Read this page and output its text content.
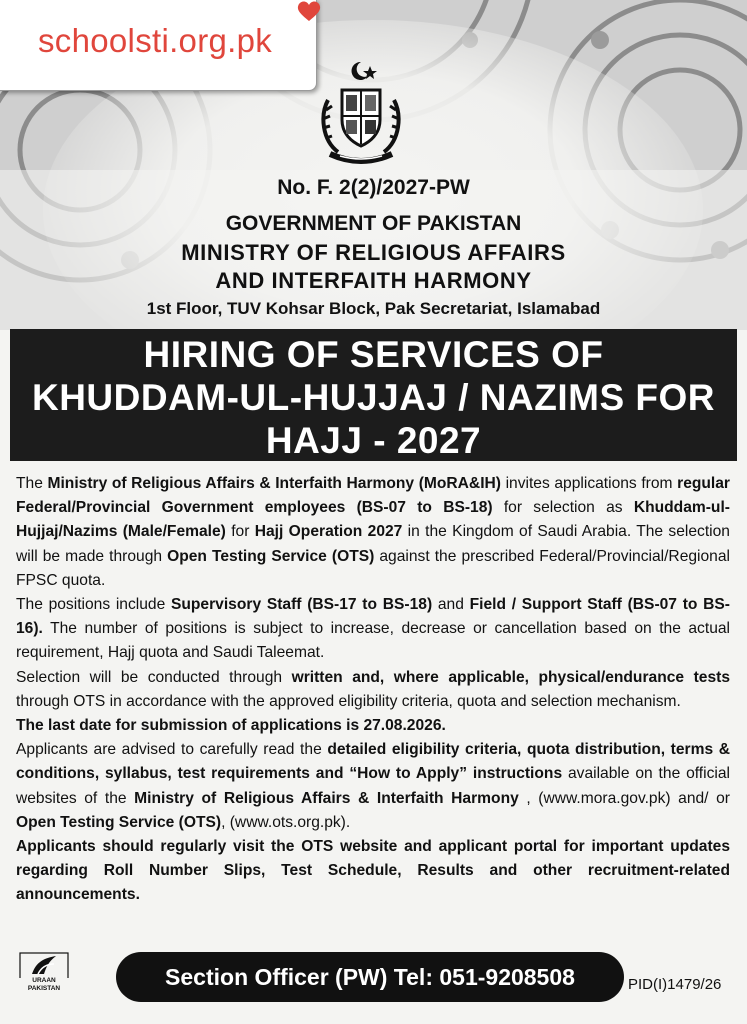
schoolsti.org.pk
No. F. 2(2)/2027-PW
GOVERNMENT OF PAKISTAN
MINISTRY OF RELIGIOUS AFFAIRS
AND INTERFAITH HARMONY
1st Floor, TUV Kohsar Block, Pak Secretariat, Islamabad
HIRING OF SERVICES OF
KHUDDAM-UL-HUJJAJ / NAZIMS FOR
HAJJ - 2027

The Ministry of Religious Affairs & Interfaith Harmony (MoRA&IH) invites applications from regular Federal/Provincial Government employees (BS-07 to BS-18) for selection as Khuddam-ul-Hujjaj/Nazims (Male/Female) for Hajj Operation 2027 in the Kingdom of Saudi Arabia. The selection will be made through Open Testing Service (OTS) against the prescribed Federal/Provincial/Regional FPSC quota.

The positions include Supervisory Staff (BS-17 to BS-18) and Field / Support Staff (BS-07 to BS-16). The number of positions is subject to increase, decrease or cancellation based on the actual requirement, Hajj quota and Saudi Taleemat.

Selection will be conducted through written and, where applicable, physical/endurance tests through OTS in accordance with the approved eligibility criteria, quota and selection mechanism.

The last date for submission of applications is 27.08.2026.

Applicants are advised to carefully read the detailed eligibility criteria, quota distribution, terms & conditions, syllabus, test requirements and “How to Apply” instructions available on the official websites of the Ministry of Religious Affairs & Interfaith Harmony , (www.mora.gov.pk) and/ or Open Testing Service (OTS), (www.ots.org.pk).

Applicants should regularly visit the OTS website and applicant portal for important updates regarding Roll Number Slips, Test Schedule, Results and other recruitment-related announcements.

URAAN
PAKISTAN	Section Officer (PW) Tel: 051-9208508	PID(I)1479/26
